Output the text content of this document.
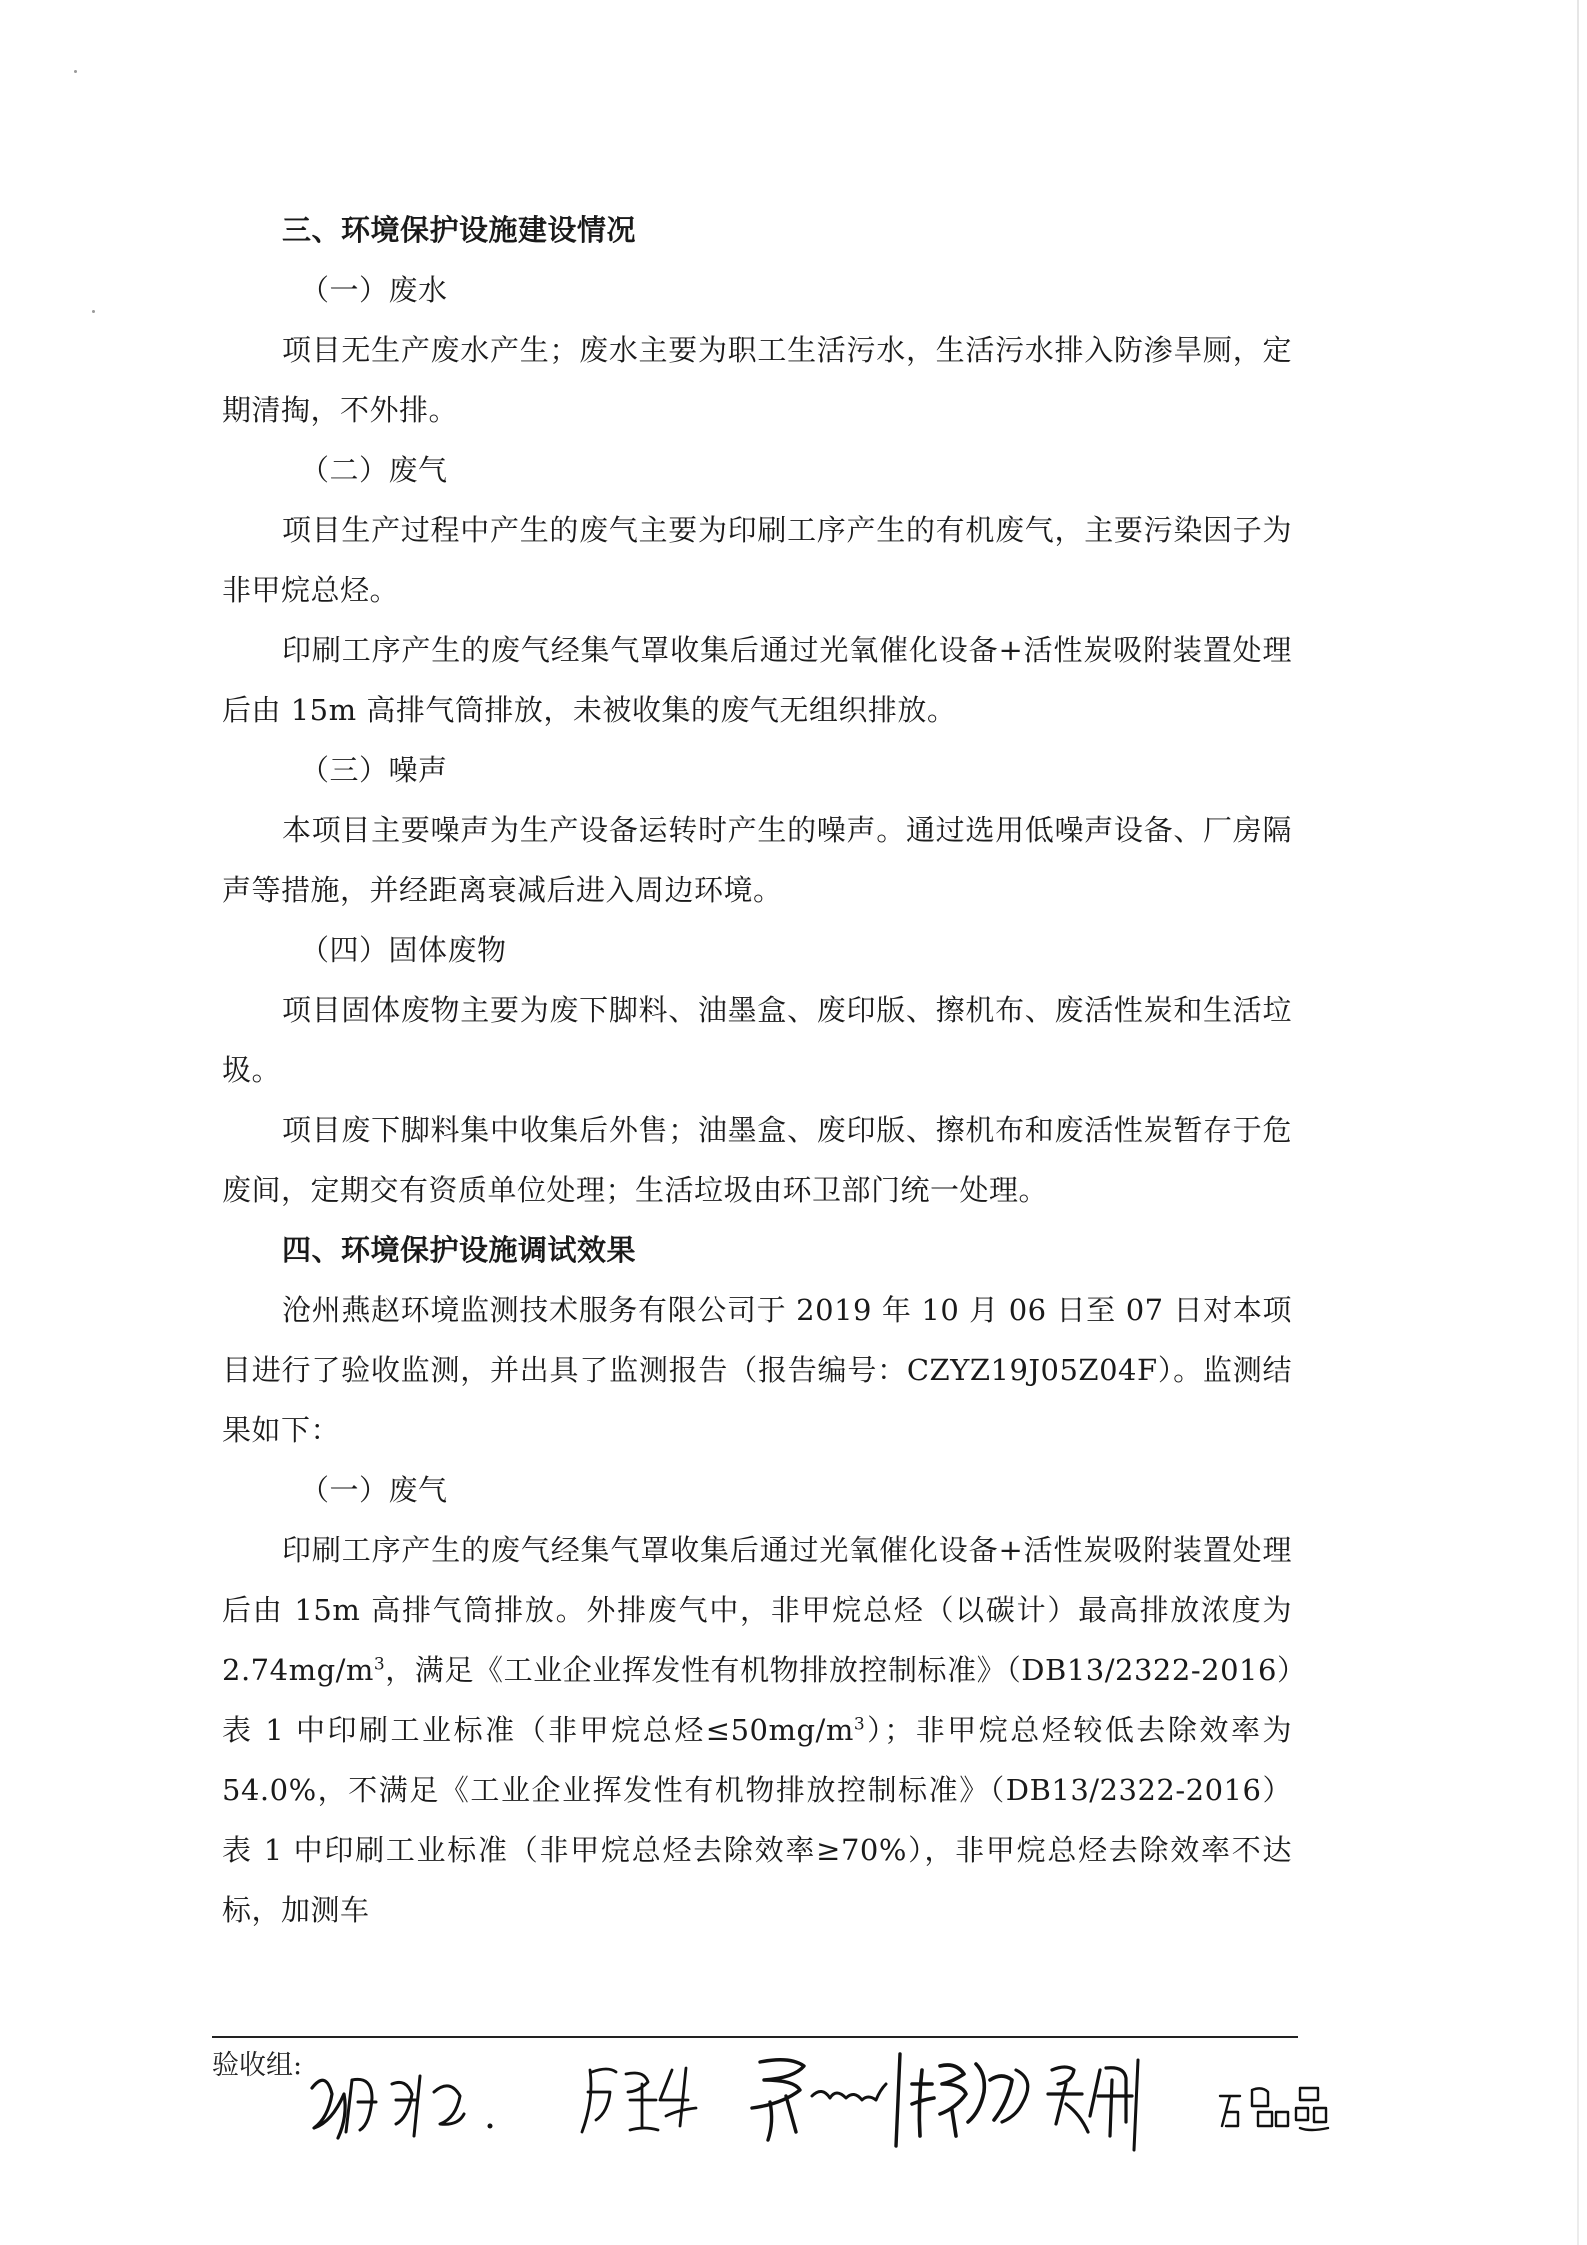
三、环境保护设施建设情况

（一）废水

项目无生产废水产生；废水主要为职工生活污水，生活污水排入防渗旱厕，定期清掏，不外排。

（二）废气

项目生产过程中产生的废气主要为印刷工序产生的有机废气，主要污染因子为非甲烷总烃。

印刷工序产生的废气经集气罩收集后通过光氧催化设备+活性炭吸附装置处理后由 15m 高排气筒排放，未被收集的废气无组织排放。

（三）噪声

本项目主要噪声为生产设备运转时产生的噪声。通过选用低噪声设备、厂房隔声等措施，并经距离衰减后进入周边环境。

（四）固体废物

项目固体废物主要为废下脚料、油墨盒、废印版、擦机布、废活性炭和生活垃圾。

项目废下脚料集中收集后外售；油墨盒、废印版、擦机布和废活性炭暂存于危废间，定期交有资质单位处理；生活垃圾由环卫部门统一处理。

四、环境保护设施调试效果

沧州燕赵环境监测技术服务有限公司于 2019 年 10 月 06 日至 07 日对本项目进行了验收监测，并出具了监测报告（报告编号：CZYZ19J05Z04F）。监测结果如下：

（一）废气

印刷工序产生的废气经集气罩收集后通过光氧催化设备+活性炭吸附装置处理后由 15m 高排气筒排放。外排废气中，非甲烷总烃（以碳计）最高排放浓度为 $2.74mg/m^3$，满足《工业企业挥发性有机物排放控制标准》（DB13/2322-2016）表 1 中印刷工业标准（非甲烷总烃$\le 50mg/m^3$）；非甲烷总烃较低去除效率为 54.0%，不满足《工业企业挥发性有机物排放控制标准》（DB13/2322-2016）表 1 中印刷工业标准（非甲烷总烃去除效率≥70%），非甲烷总烃去除效率不达标，加测车

验收组:
